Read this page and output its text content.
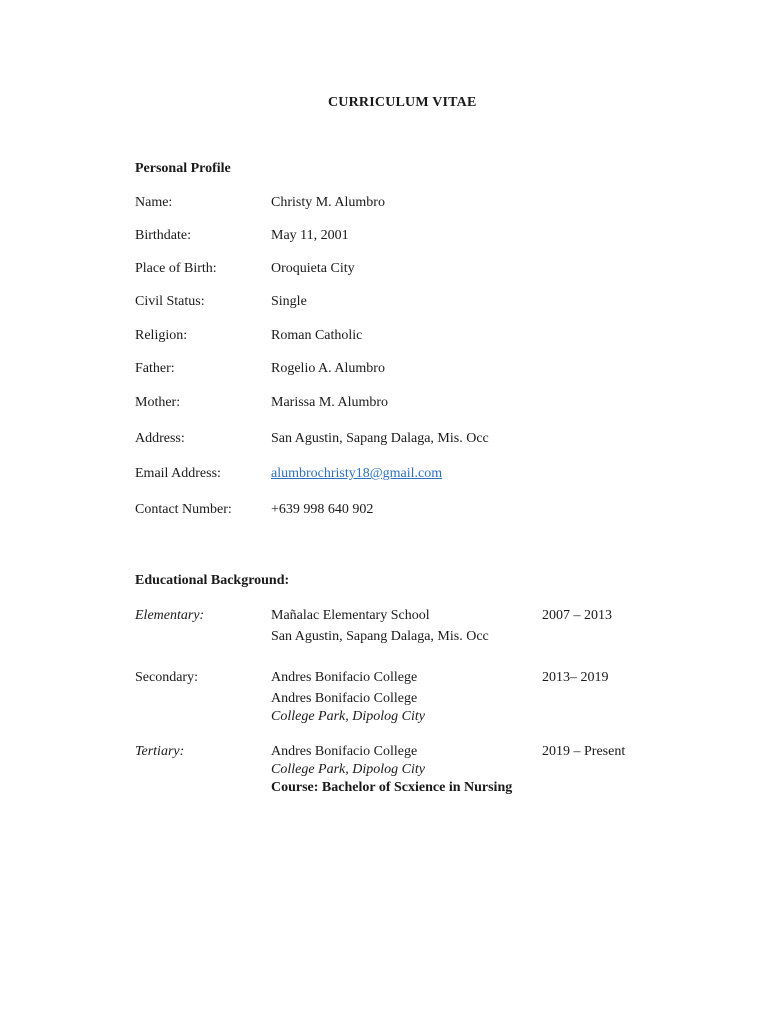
CURRICULUM VITAE
Personal Profile
Name:	Christy M. Alumbro
Birthdate:	May 11, 2001
Place of Birth:	Oroquieta City
Civil Status:	Single
Religion:	Roman Catholic
Father:	Rogelio A. Alumbro
Mother:	Marissa M. Alumbro
Address:	San Agustin, Sapang Dalaga, Mis. Occ
Email Address:	alumbrochristy18@gmail.com
Contact Number:	+639 998 640 902
Educational Background:
Elementary:	Mañalac Elementary School	2007 – 2013
San Agustin, Sapang Dalaga, Mis. Occ
Secondary:	Andres Bonifacio College	2013– 2019
Andres Bonifacio College
College Park, Dipolog City
Tertiary:	Andres Bonifacio College	2019 – Present
College Park, Dipolog City
Course: Bachelor of Scxience in Nursing
